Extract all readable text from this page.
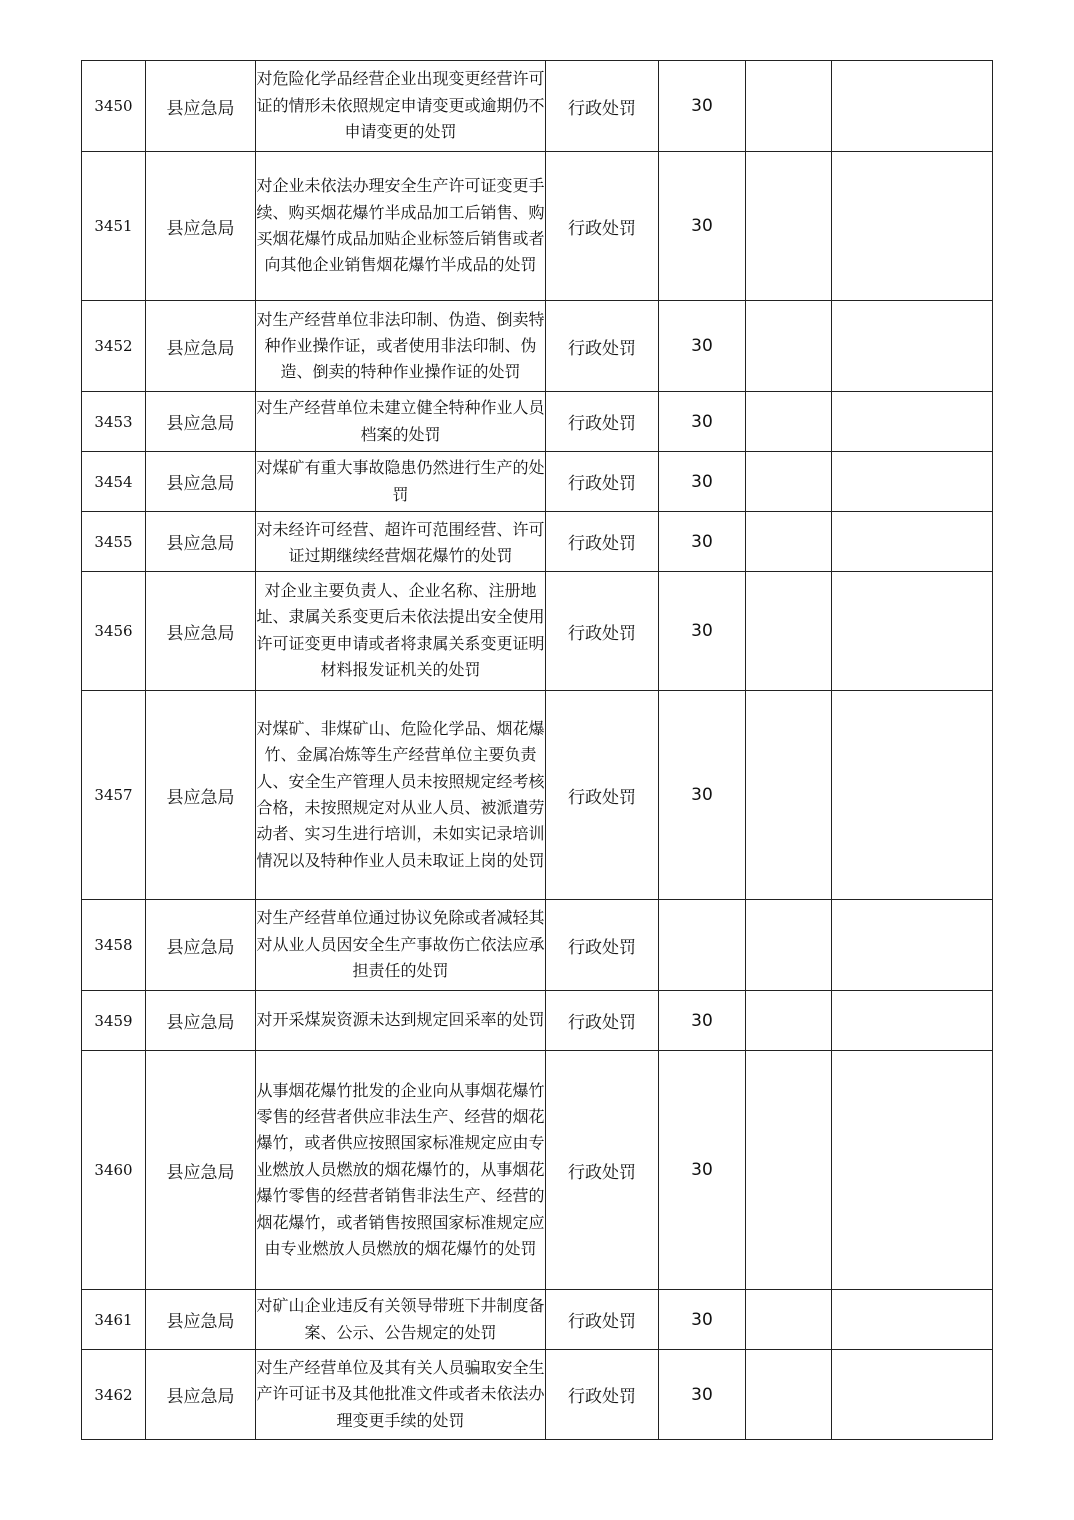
3450	县应急局	对危险化学品经营企业出现变更经营许可证的情形未依照规定申请变更或逾期仍不申请变更的处罚	行政处罚	30		
3451	县应急局	对企业未依法办理安全生产许可证变更手续、购买烟花爆竹半成品加工后销售、购买烟花爆竹成品加贴企业标签后销售或者向其他企业销售烟花爆竹半成品的处罚	行政处罚	30		
3452	县应急局	对生产经营单位非法印制、伪造、倒卖特种作业操作证，或者使用非法印制、伪造、倒卖的特种作业操作证的处罚	行政处罚	30		
3453	县应急局	对生产经营单位未建立健全特种作业人员档案的处罚	行政处罚	30		
3454	县应急局	对煤矿有重大事故隐患仍然进行生产的处罚	行政处罚	30		
3455	县应急局	对未经许可经营、超许可范围经营、许可证过期继续经营烟花爆竹的处罚	行政处罚	30		
3456	县应急局	对企业主要负责人、企业名称、注册地址、隶属关系变更后未依法提出安全使用许可证变更申请或者将隶属关系变更证明材料报发证机关的处罚	行政处罚	30		
3457	县应急局	对煤矿、非煤矿山、危险化学品、烟花爆竹、金属冶炼等生产经营单位主要负责人、安全生产管理人员未按照规定经考核合格，未按照规定对从业人员、被派遣劳动者、实习生进行培训，未如实记录培训情况以及特种作业人员未取证上岗的处罚	行政处罚	30		
3458	县应急局	对生产经营单位通过协议免除或者减轻其对从业人员因安全生产事故伤亡依法应承担责任的处罚	行政处罚			
3459	县应急局	对开采煤炭资源未达到规定回采率的处罚	行政处罚	30		
3460	县应急局	从事烟花爆竹批发的企业向从事烟花爆竹零售的经营者供应非法生产、经营的烟花爆竹，或者供应按照国家标准规定应由专业燃放人员燃放的烟花爆竹的，从事烟花爆竹零售的经营者销售非法生产、经营的烟花爆竹，或者销售按照国家标准规定应由专业燃放人员燃放的烟花爆竹的处罚	行政处罚	30		
3461	县应急局	对矿山企业违反有关领导带班下井制度备案、公示、公告规定的处罚	行政处罚	30		
3462	县应急局	对生产经营单位及其有关人员骗取安全生产许可证书及其他批准文件或者未依法办理变更手续的处罚	行政处罚	30		
